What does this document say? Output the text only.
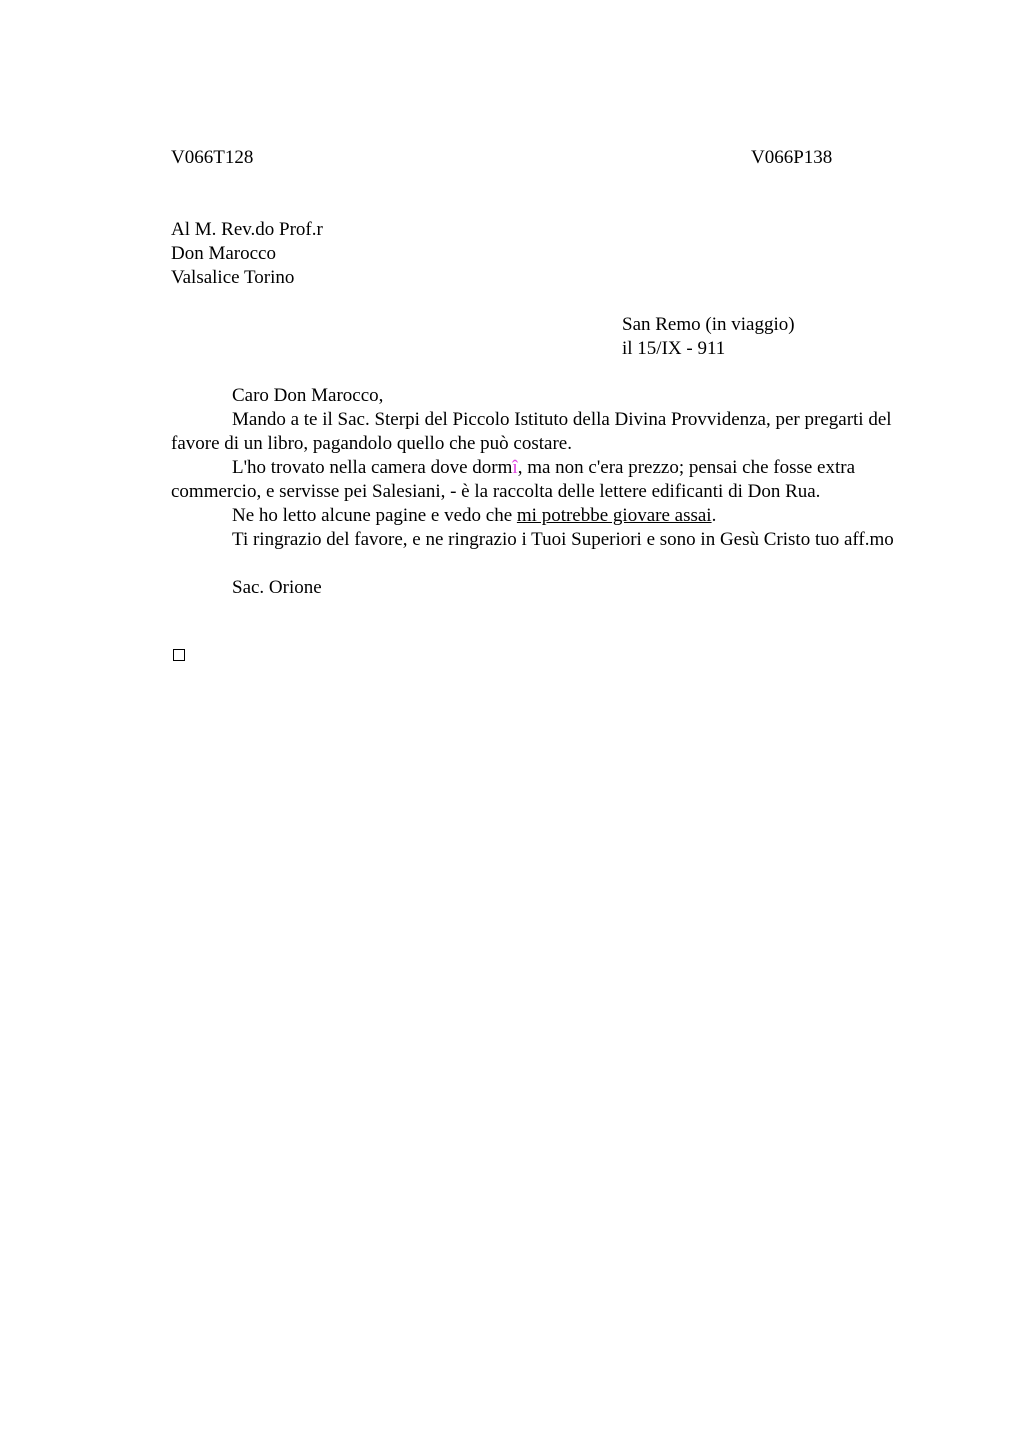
V066T128	V066P138
Al M. Rev.do Prof.r
Don Marocco
Valsalice Torino
San Remo (in viaggio)
il 15/IX - 911
Caro Don Marocco,
Mando a te il Sac. Sterpi del Piccolo Istituto della Divina Provvidenza, per pregarti del favore di un libro, pagandolo quello che può costare.
L'ho trovato nella camera dove dormî, ma non c'era prezzo; pensai che fosse extra commercio, e servisse pei Salesiani, - è la raccolta delle lettere edificanti di Don Rua.
Ne ho letto alcune pagine e vedo che mi potrebbe giovare assai.
Ti ringrazio del favore, e ne ringrazio i Tuoi Superiori e sono in Gesù Cristo tuo aff.mo
Sac. Orione
